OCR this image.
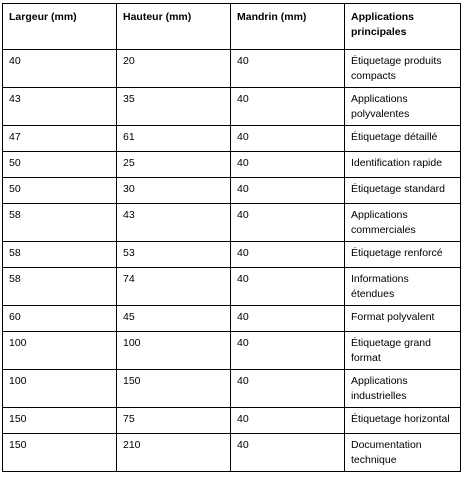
Largeur (mm)	Hauteur (mm)	Mandrin (mm)	Applications principales
40	20	40	Étiquetage produits compacts
43	35	40	Applications polyvalentes
47	61	40	Étiquetage détaillé
50	25	40	Identification rapide
50	30	40	Étiquetage standard
58	43	40	Applications commerciales
58	53	40	Étiquetage renforcé
58	74	40	Informations étendues
60	45	40	Format polyvalent
100	100	40	Étiquetage grand format
100	150	40	Applications industrielles
150	75	40	Étiquetage horizontal
150	210	40	Documentation technique
